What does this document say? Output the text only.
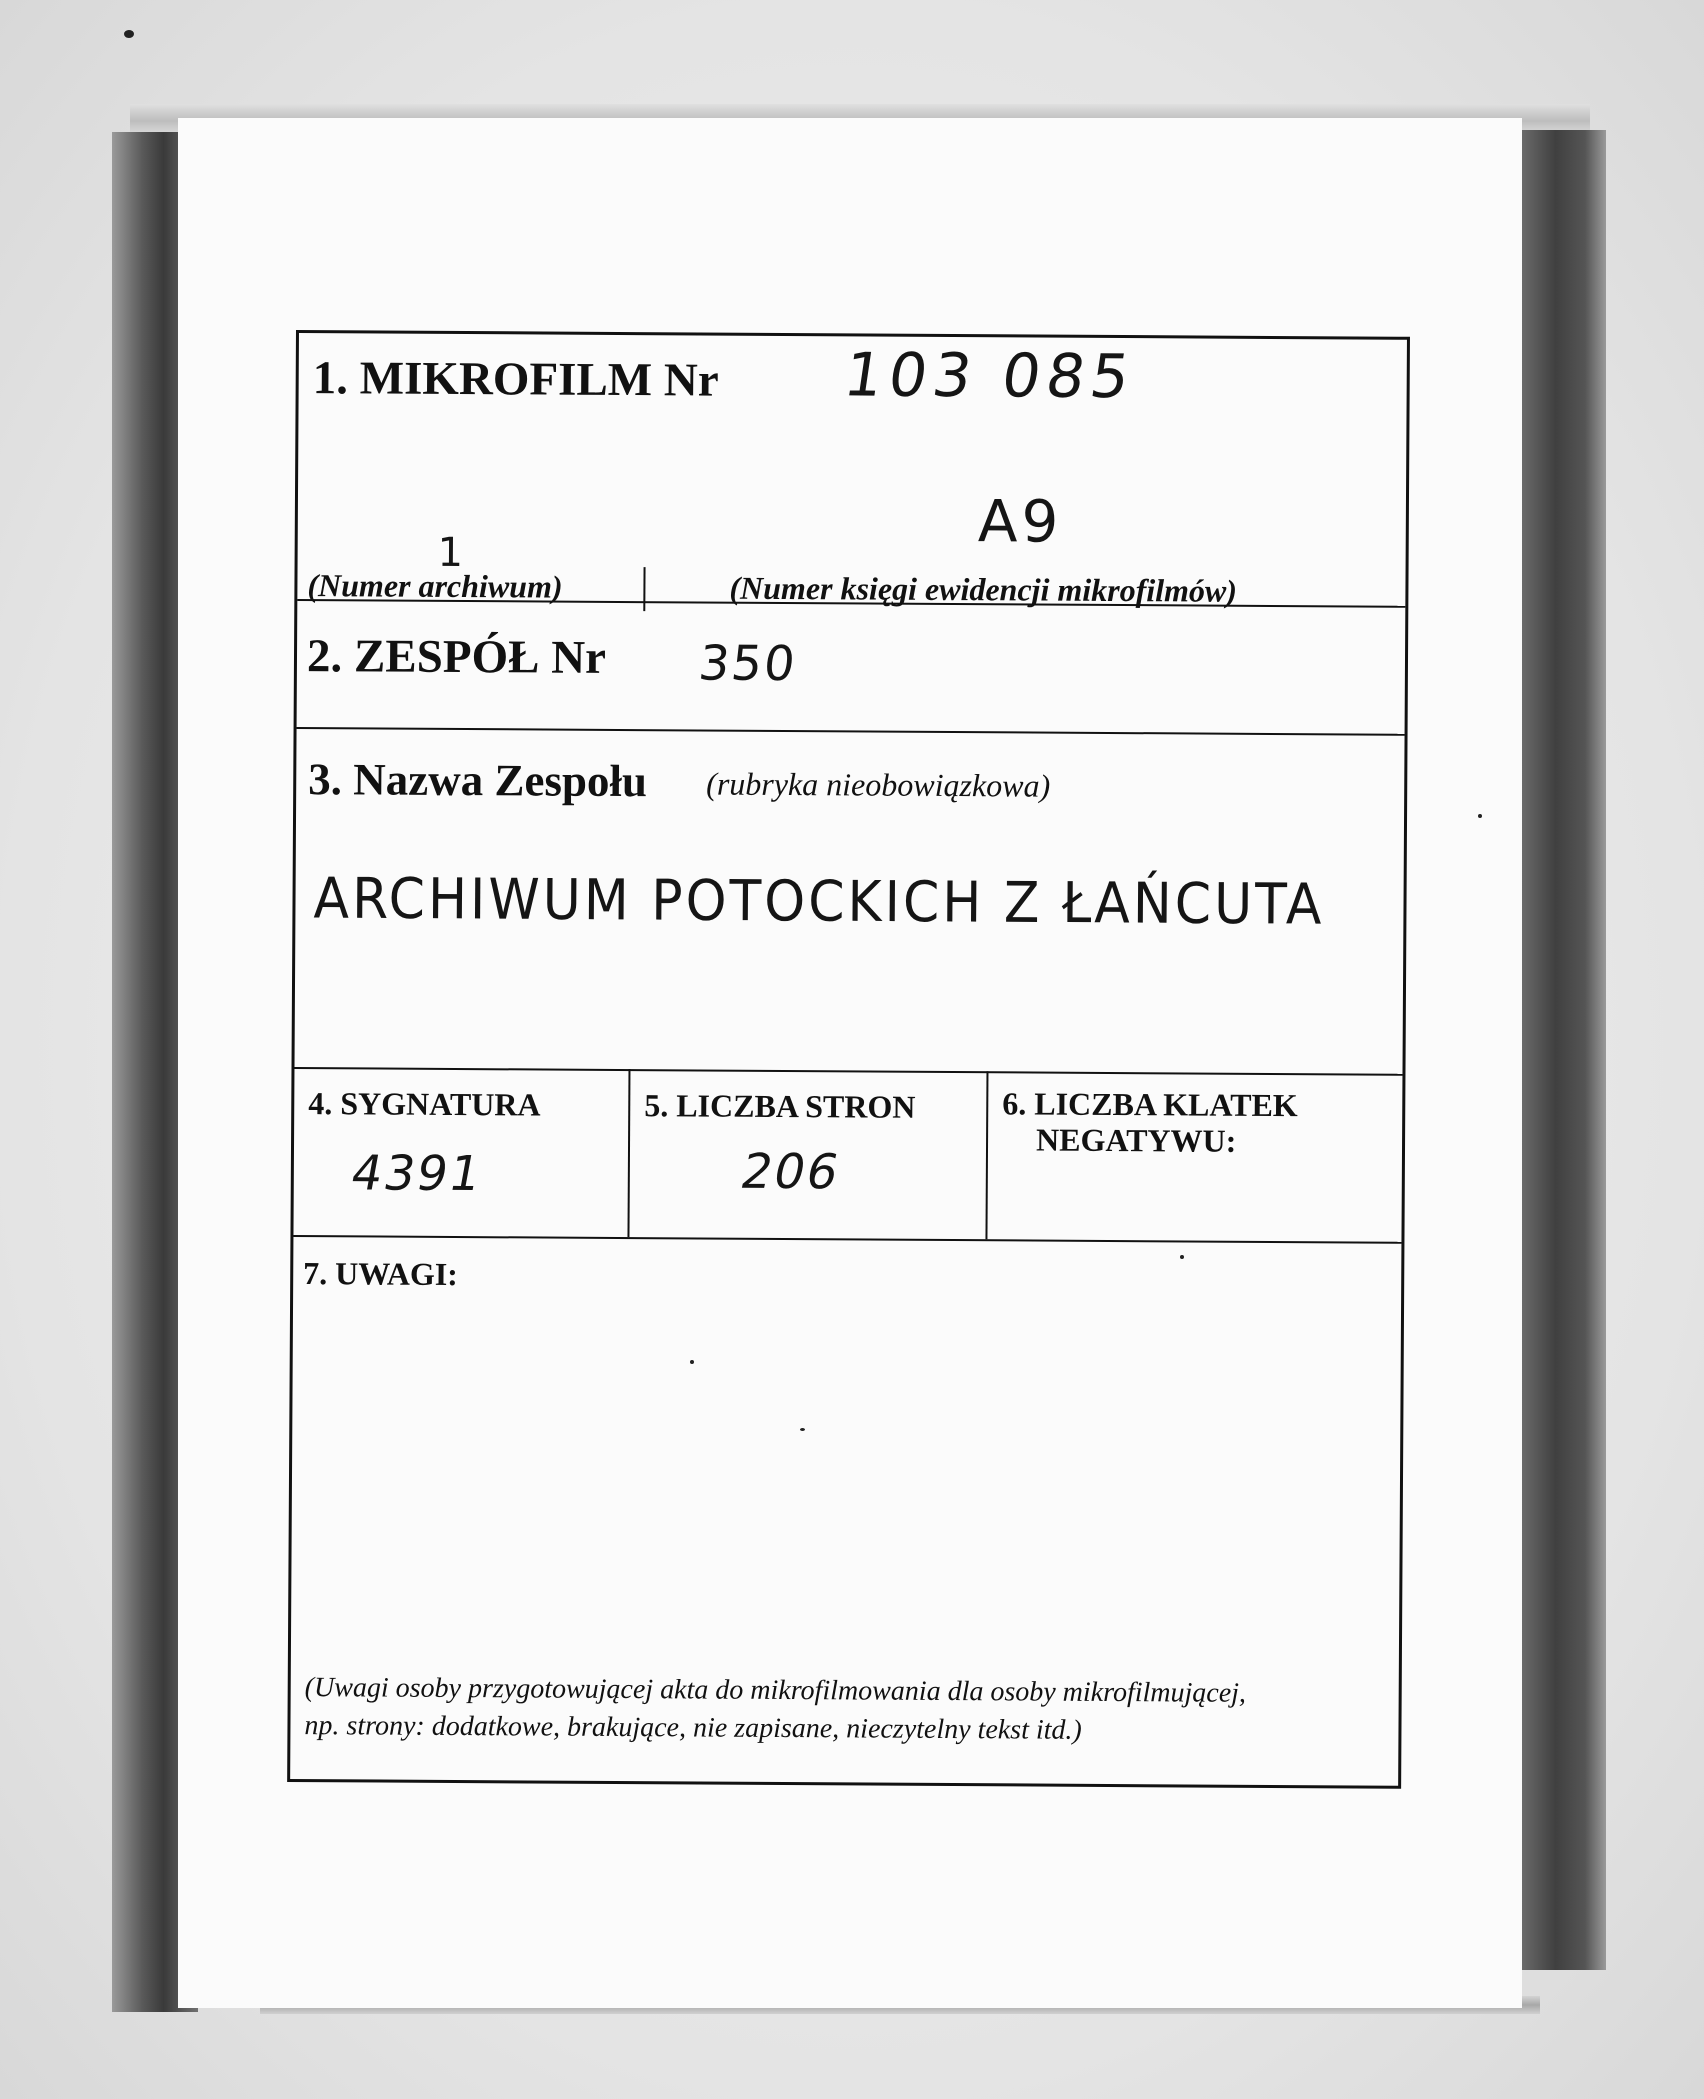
1. MIKROFILM Nr 103 085
1	A9
(Numer archiwum)	(Numer księgi ewidencji mikrofilmów)
2. ZESPÓŁ Nr 350
3. Nazwa Zespołu (rubryka nieobowiązkowa)
ARCHIWUM POTOCKICH Z ŁAŃCUTA
4. SYGNATURA
4391
5. LICZBA STRON
206
6. LICZBA KLATEK
NEGATYWU:
7. UWAGI:
(Uwagi osoby przygotowującej akta do mikrofilmowania dla osoby mikrofilmującej,
np. strony: dodatkowe, brakujące, nie zapisane, nieczytelny tekst itd.)
